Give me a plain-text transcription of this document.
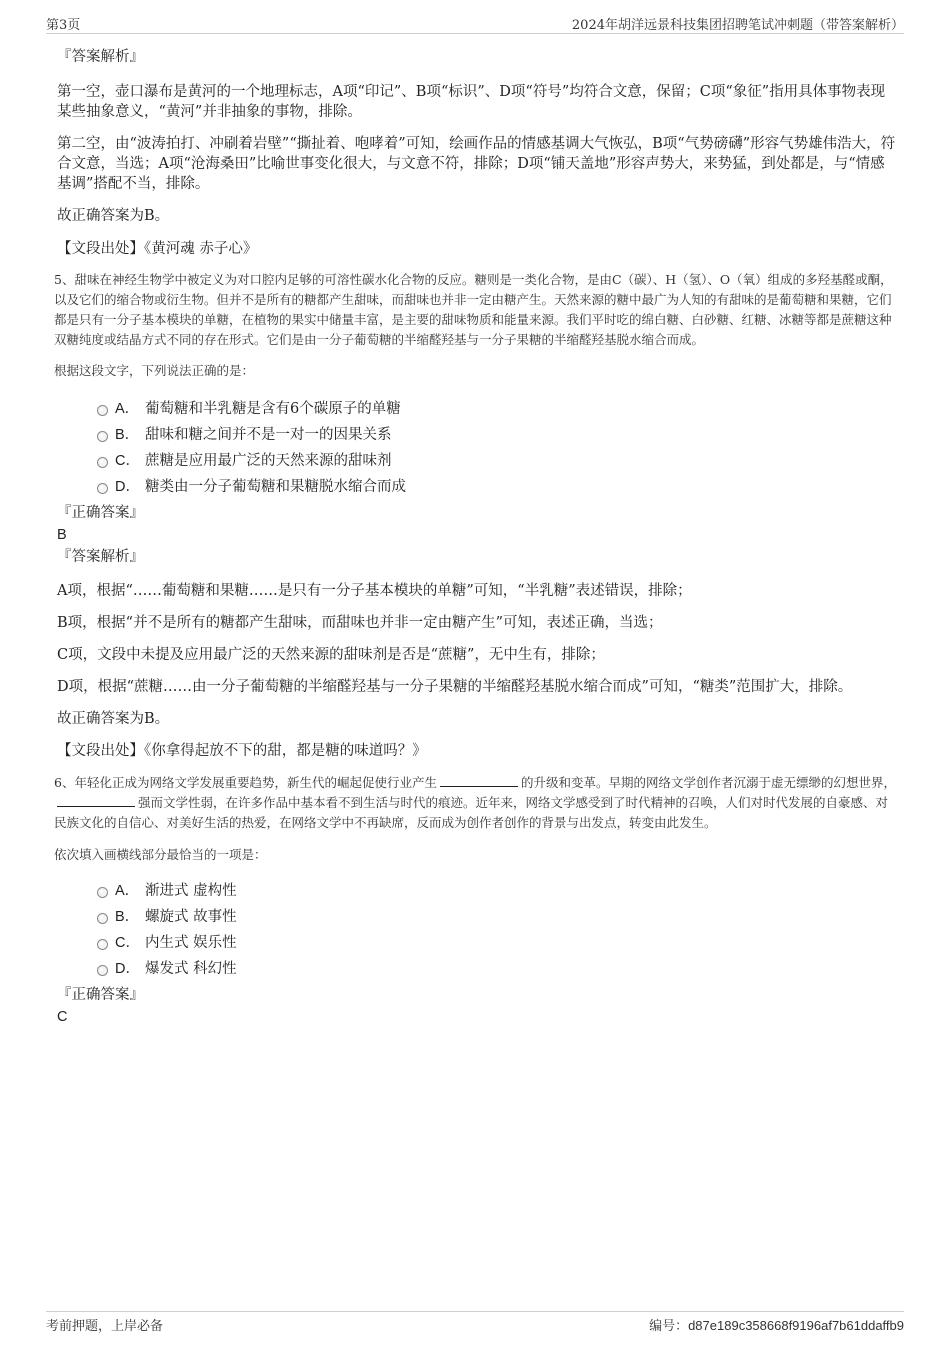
第3页	2024年胡洋远景科技集团招聘笔试冲刺题（带答案解析）
『答案解析』
第一空，壶口瀑布是黄河的一个地理标志，A项“印记”、B项“标识”、D项“符号”均符合文意，保留；C项“象征”指用具体事物表现某些抽象意义，“黄河”并非抽象的事物，排除。
第二空，由“波涛拍打、冲刷着岩壁”“撕扯着、咆哮着”可知，绘画作品的情感基调大气恢弘，B项“气势磅礴”形容气势雄伟浩大，符合文意，当选；A项“沧海桑田”比喻世事变化很大，与文意不符，排除；D项“铺天盖地”形容声势大，来势猛，到处都是，与“情感基调”搭配不当，排除。
故正确答案为B。
【文段出处】《黄河魂 赤子心》
5、甜味在神经生物学中被定义为对口腔内足够的可溶性碳水化合物的反应。糖则是一类化合物，是由C（碳）、H（氢）、O（氧）组成的多羟基醛或酮，以及它们的缩合物或衍生物。但并不是所有的糖都产生甜味，而甜味也并非一定由糖产生。天然来源的糖中最广为人知的有甜味的是葡萄糖和果糖，它们都是只有一分子基本模块的单糖，在植物的果实中储量丰富，是主要的甜味物质和能量来源。我们平时吃的绵白糖、白砂糖、红糖、冰糖等都是蔗糖这种双糖纯度或结晶方式不同的存在形式。它们是由一分子葡萄糖的半缩醛羟基与一分子果糖的半缩醛羟基脱水缩合而成。
根据这段文字，下列说法正确的是：
A． 葡萄糖和半乳糖是含有6个碳原子的单糖
B． 甜味和糖之间并不是一对一的因果关系
C． 蔗糖是应用最广泛的天然来源的甜味剂
D． 糖类由一分子葡萄糖和果糖脱水缩合而成
『正确答案』
B
『答案解析』
A项，根据“……葡萄糖和果糖……是只有一分子基本模块的单糖”可知，“半乳糖”表述错误，排除；
B项，根据“并不是所有的糖都产生甜味，而甜味也并非一定由糖产生”可知，表述正确，当选；
C项，文段中未提及应用最广泛的天然来源的甜味剂是否是“蔗糖”，无中生有，排除；
D项，根据“蔗糖……由一分子葡萄糖的半缩醛羟基与一分子果糖的半缩醛羟基脱水缩合而成”可知，“糖类”范围扩大，排除。
故正确答案为B。
【文段出处】《你拿得起放不下的甜，都是糖的味道吗？》
6、年轻化正成为网络文学发展重要趋势，新生代的崛起促使行业产生	的升级和变革。早期的网络文学创作者沉溺于虚无缥缈的幻想世界，强而文学性弱，在许多作品中基本看不到生活与时代的痕迹。近年来，网络文学感受到了时代精神的召唤，人们对时代发展的自豪感、对民族文化的自信心、对美好生活的热爱，在网络文学中不再缺席，反而成为创作者创作的背景与出发点，转变由此发生。
依次填入画横线部分最恰当的一项是：
A． 渐进式 虚构性
B． 螺旋式 故事性
C． 内生式 娱乐性
D． 爆发式 科幻性
『正确答案』
C
考前押题，上岸必备	编号：d87e189c358668f9196af7b61ddaffb9
